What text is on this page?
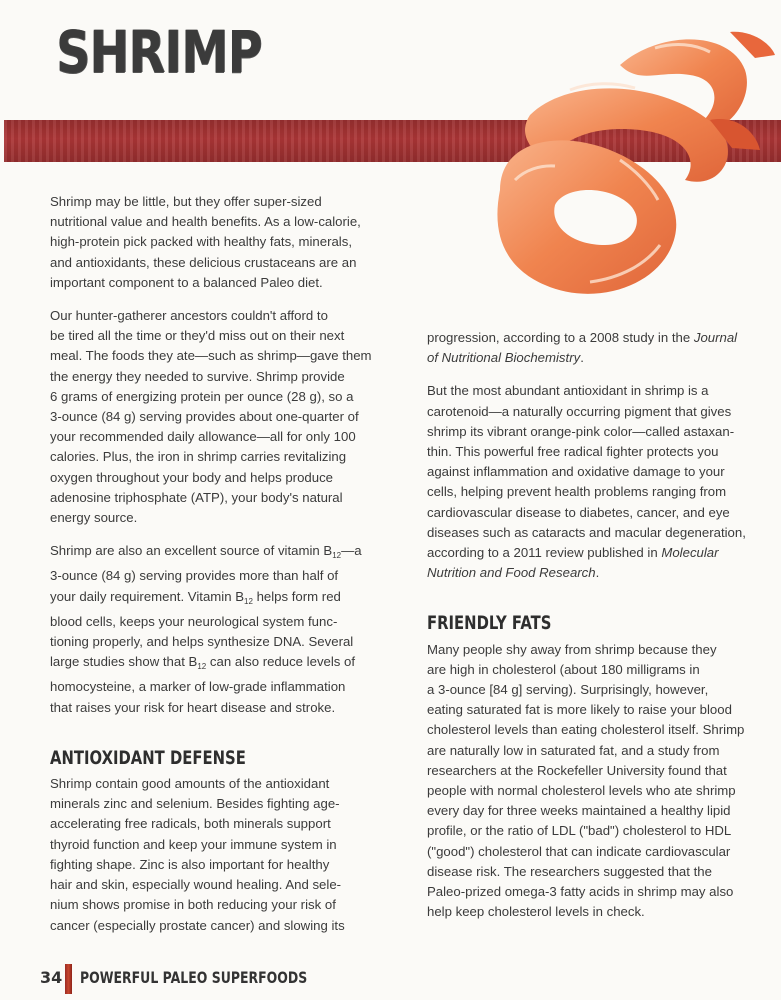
SHRIMP

Shrimp may be little, but they offer super-sized
nutritional value and health benefits. As a low-calorie,
high-protein pick packed with healthy fats, minerals,
and antioxidants, these delicious crustaceans are an
important component to a balanced Paleo diet.

Our hunter-gatherer ancestors couldn't afford to
be tired all the time or they'd miss out on their next
meal. The foods they ate—such as shrimp—gave them
the energy they needed to survive. Shrimp provide
6 grams of energizing protein per ounce (28 g), so a
3-ounce (84 g) serving provides about one-quarter of
your recommended daily allowance—all for only 100
calories. Plus, the iron in shrimp carries revitalizing
oxygen throughout your body and helps produce
adenosine triphosphate (ATP), your body's natural
energy source.

Shrimp are also an excellent source of vitamin $B_{12}—a$
3-ounce (84 g) serving provides more than half of
your daily requirement. Vitamin $B_{12}$ helps form red
blood cells, keeps your neurological system func-
tioning properly, and helps synthesize DNA. Several
large studies show that $B_{12}$ can also reduce levels of
homocysteine, a marker of low-grade inflammation
that raises your risk for heart disease and stroke.

ANTIOXIDANT DEFENSE

Shrimp contain good amounts of the antioxidant
minerals zinc and selenium. Besides fighting age-
accelerating free radicals, both minerals support
thyroid function and keep your immune system in
fighting shape. Zinc is also important for healthy
hair and skin, especially wound healing. And sele-
nium shows promise in both reducing your risk of
cancer (especially prostate cancer) and slowing its

progression, according to a 2008 study in the Journal
of Nutritional Biochemistry.

But the most abundant antioxidant in shrimp is a
carotenoid—a naturally occurring pigment that gives
shrimp its vibrant orange-pink color—called astaxan-
thin. This powerful free radical fighter protects you
against inflammation and oxidative damage to your
cells, helping prevent health problems ranging from
cardiovascular disease to diabetes, cancer, and eye
diseases such as cataracts and macular degeneration,
according to a 2011 review published in Molecular
Nutrition and Food Research.

FRIENDLY FATS

Many people shy away from shrimp because they
are high in cholesterol (about 180 milligrams in
a 3-ounce [84 g] serving). Surprisingly, however,
eating saturated fat is more likely to raise your blood
cholesterol levels than eating cholesterol itself. Shrimp
are naturally low in saturated fat, and a study from
researchers at the Rockefeller University found that
people with normal cholesterol levels who ate shrimp
every day for three weeks maintained a healthy lipid
profile, or the ratio of LDL ("bad") cholesterol to HDL
("good") cholesterol that can indicate cardiovascular
disease risk. The researchers suggested that the
Paleo-prized omega-3 fatty acids in shrimp may also
help keep cholesterol levels in check.

34 POWERFUL PALEO SUPERFOODS
